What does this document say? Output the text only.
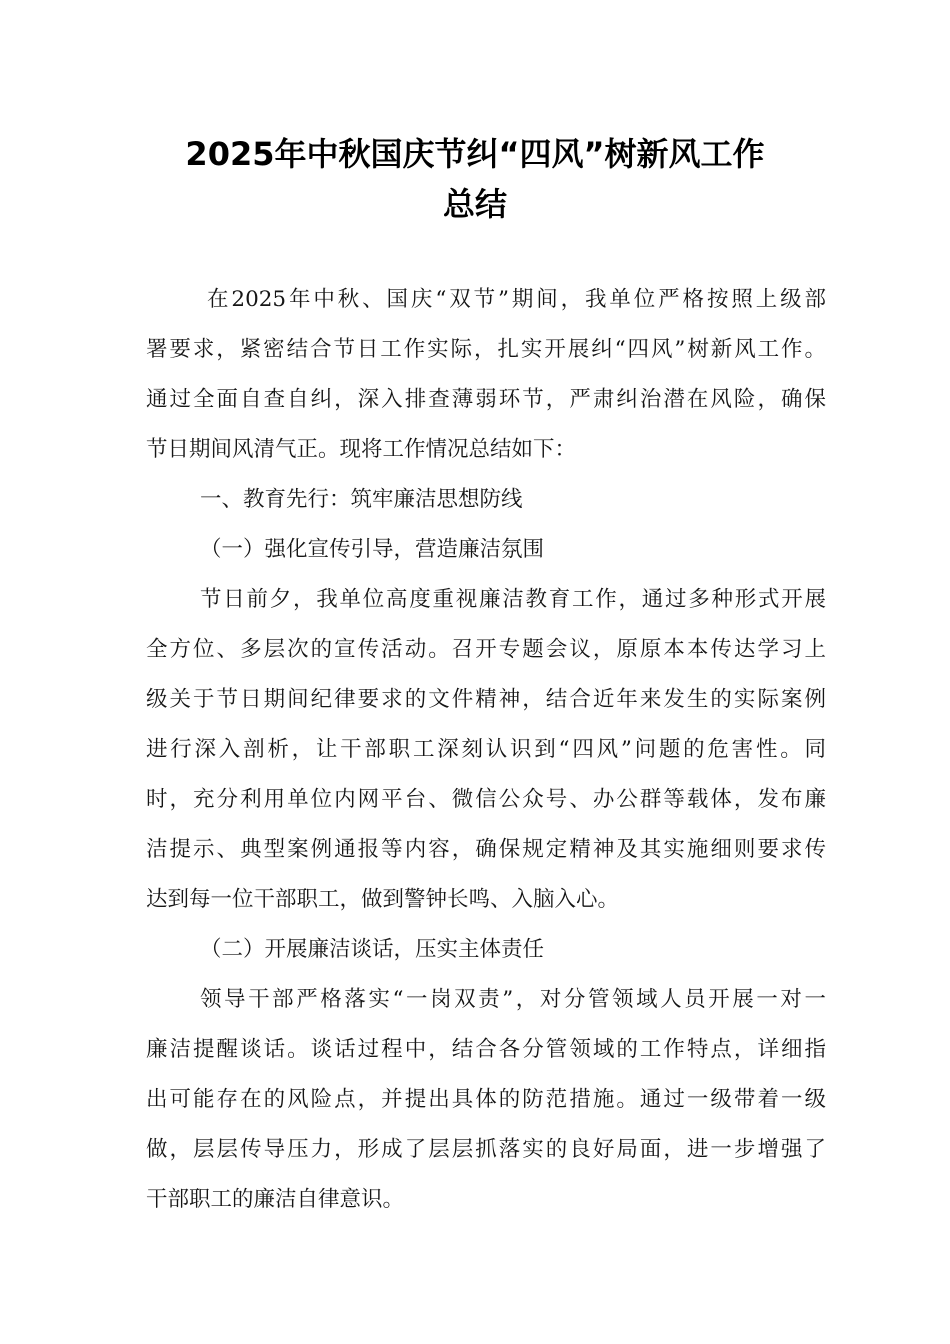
2025年中秋国庆节纠“四风”树新风工作
总结
在2025年中秋、国庆“双节”期间，我单位严格按照上级部
署要求，紧密结合节日工作实际，扎实开展纠“四风”树新风工作。
通过全面自查自纠，深入排查薄弱环节，严肃纠治潜在风险，确保
节日期间风清气正。现将工作情况总结如下：
一、教育先行：筑牢廉洁思想防线
（一）强化宣传引导，营造廉洁氛围
节日前夕，我单位高度重视廉洁教育工作，通过多种形式开展
全方位、多层次的宣传活动。召开专题会议，原原本本传达学习上
级关于节日期间纪律要求的文件精神，结合近年来发生的实际案例
进行深入剖析，让干部职工深刻认识到“四风”问题的危害性。同
时，充分利用单位内网平台、微信公众号、办公群等载体，发布廉
洁提示、典型案例通报等内容，确保规定精神及其实施细则要求传
达到每一位干部职工，做到警钟长鸣、入脑入心。
（二）开展廉洁谈话，压实主体责任
领导干部严格落实“一岗双责”，对分管领域人员开展一对一
廉洁提醒谈话。谈话过程中，结合各分管领域的工作特点，详细指
出可能存在的风险点，并提出具体的防范措施。通过一级带着一级
做，层层传导压力，形成了层层抓落实的良好局面，进一步增强了
干部职工的廉洁自律意识。
